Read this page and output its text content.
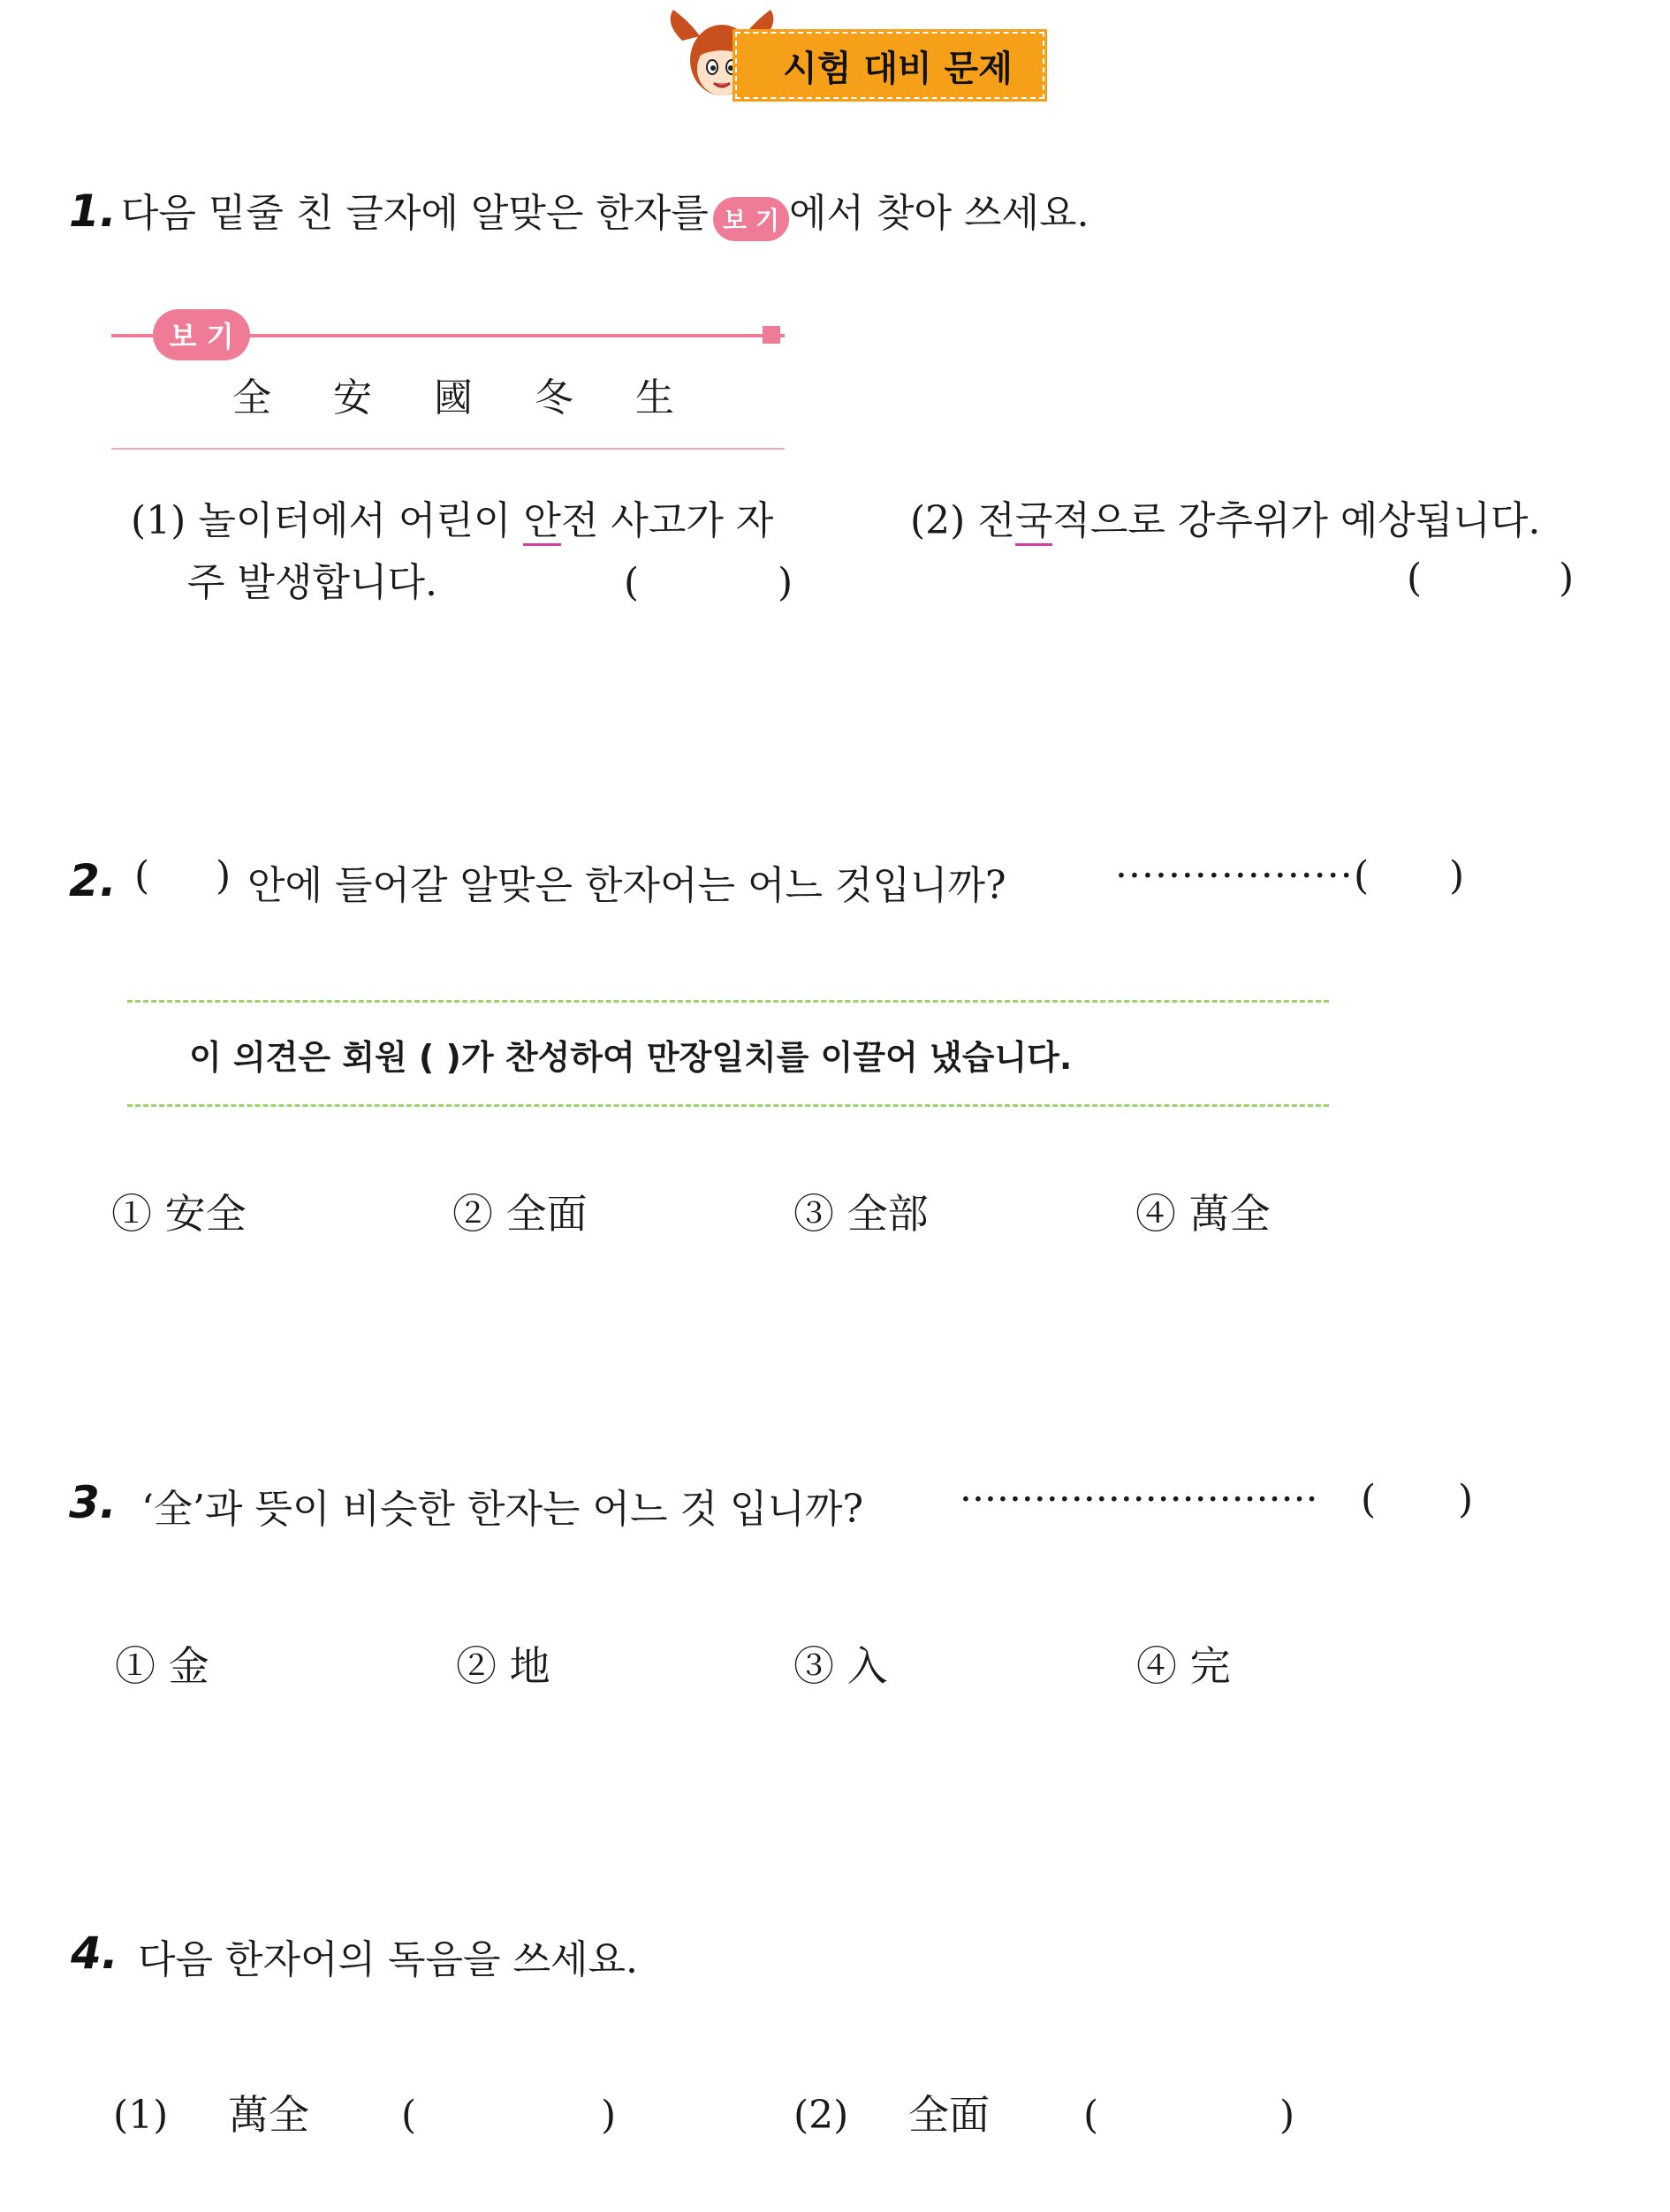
시험 대비 문제
1. 다음 밑줄 친 글자에 알맞은 한자를 보 기 에서 찾아 쓰세요.
보 기
全	安	國	冬	生
(1) 놀이터에서 어린이 안전 사고가 자
주 발생합니다.	(	)
(2) 전국적으로 강추위가 예상됩니다.
(	)
2. ( ) 안에 들어갈 알맞은 한자어는 어느 것입니까?	·················· ( )
이 의견은 회원 ( )가 찬성하여 만장일치를 이끌어 냈습니다.
① 安全	② 全面	③ 全部	④ 萬全
3. ‘全’과 뜻이 비슷한 한자는 어느 것 입니까? ····························· ( )
① 金	② 地	③ 入	④ 完
4. 다음 한자어의 독음을 쓰세요.
(1) 萬全 (	)	(2) 全面 (	)
